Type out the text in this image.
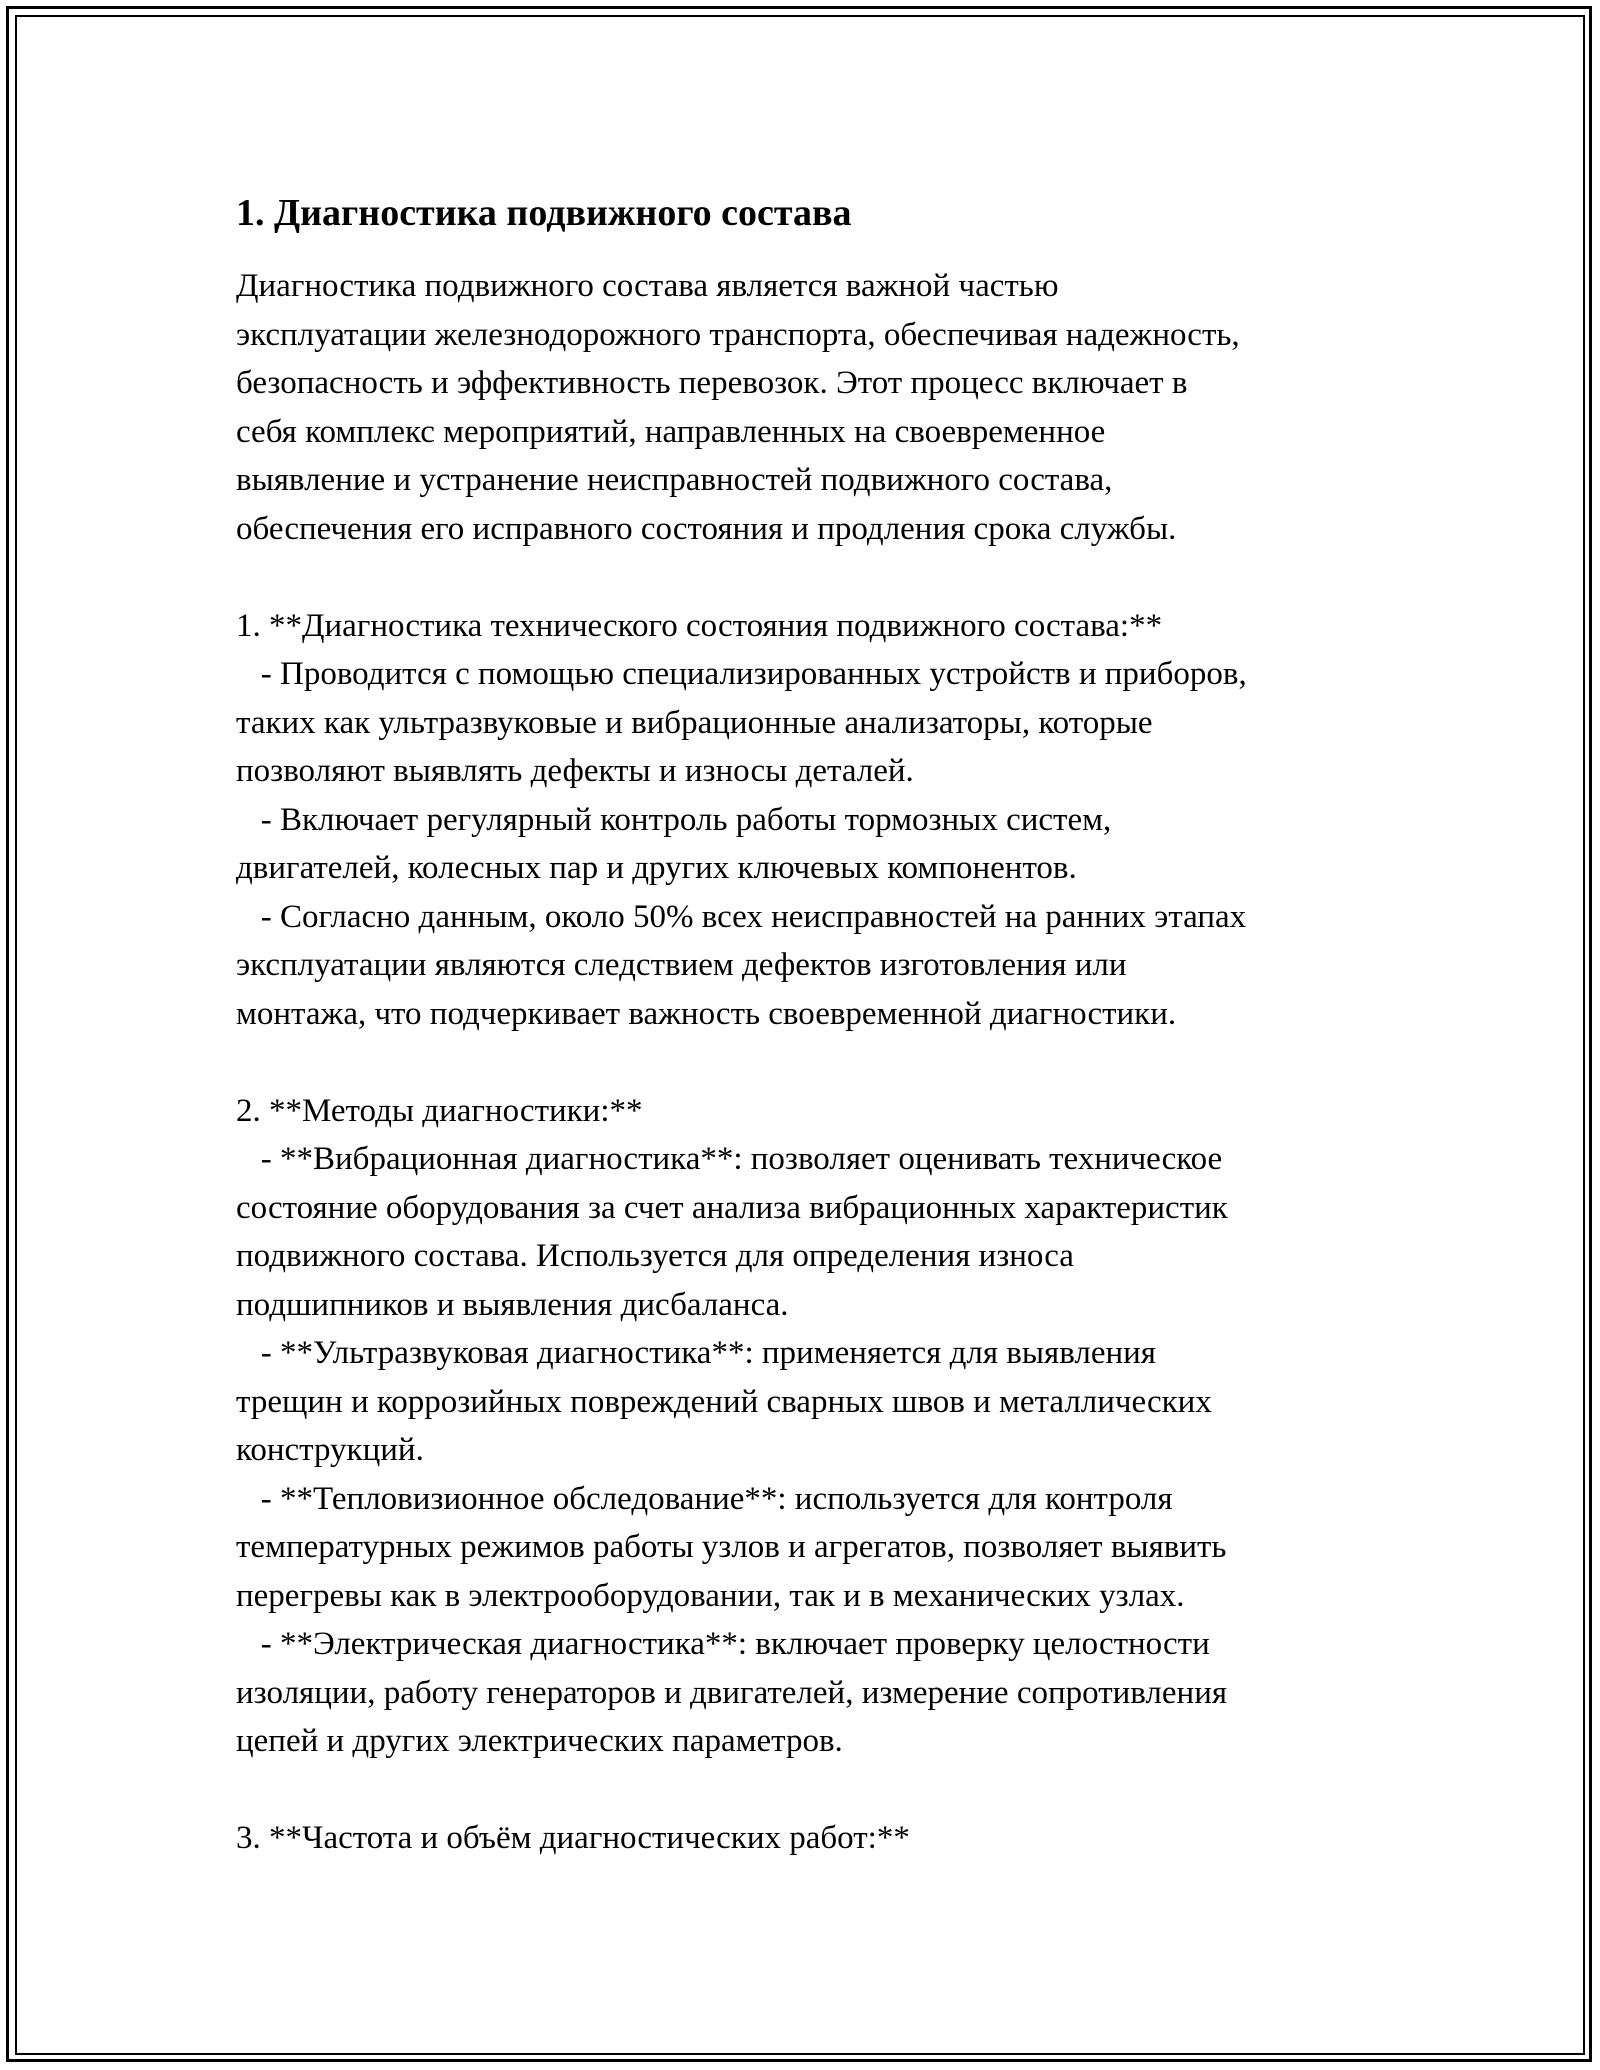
1. Диагностика подвижного состава
Диагностика подвижного состава является важной частью
эксплуатации железнодорожного транспорта, обеспечивая надежность,
безопасность и эффективность перевозок. Этот процесс включает в
себя комплекс мероприятий, направленных на своевременное
выявление и устранение неисправностей подвижного состава,
обеспечения его исправного состояния и продления срока службы.
1. **Диагностика технического состояния подвижного состава:**
- Проводится с помощью специализированных устройств и приборов,
таких как ультразвуковые и вибрационные анализаторы, которые
позволяют выявлять дефекты и износы деталей.
- Включает регулярный контроль работы тормозных систем,
двигателей, колесных пар и других ключевых компонентов.
- Согласно данным, около 50% всех неисправностей на ранних этапах
эксплуатации являются следствием дефектов изготовления или
монтажа, что подчеркивает важность своевременной диагностики.
2. **Методы диагностики:**
- **Вибрационная диагностика**: позволяет оценивать техническое
состояние оборудования за счет анализа вибрационных характеристик
подвижного состава. Используется для определения износа
подшипников и выявления дисбаланса.
- **Ультразвуковая диагностика**: применяется для выявления
трещин и коррозийных повреждений сварных швов и металлических
конструкций.
- **Тепловизионное обследование**: используется для контроля
температурных режимов работы узлов и агрегатов, позволяет выявить
перегревы как в электрооборудовании, так и в механических узлах.
- **Электрическая диагностика**: включает проверку целостности
изоляции, работу генераторов и двигателей, измерение сопротивления
цепей и других электрических параметров.
3. **Частота и объём диагностических работ:**
